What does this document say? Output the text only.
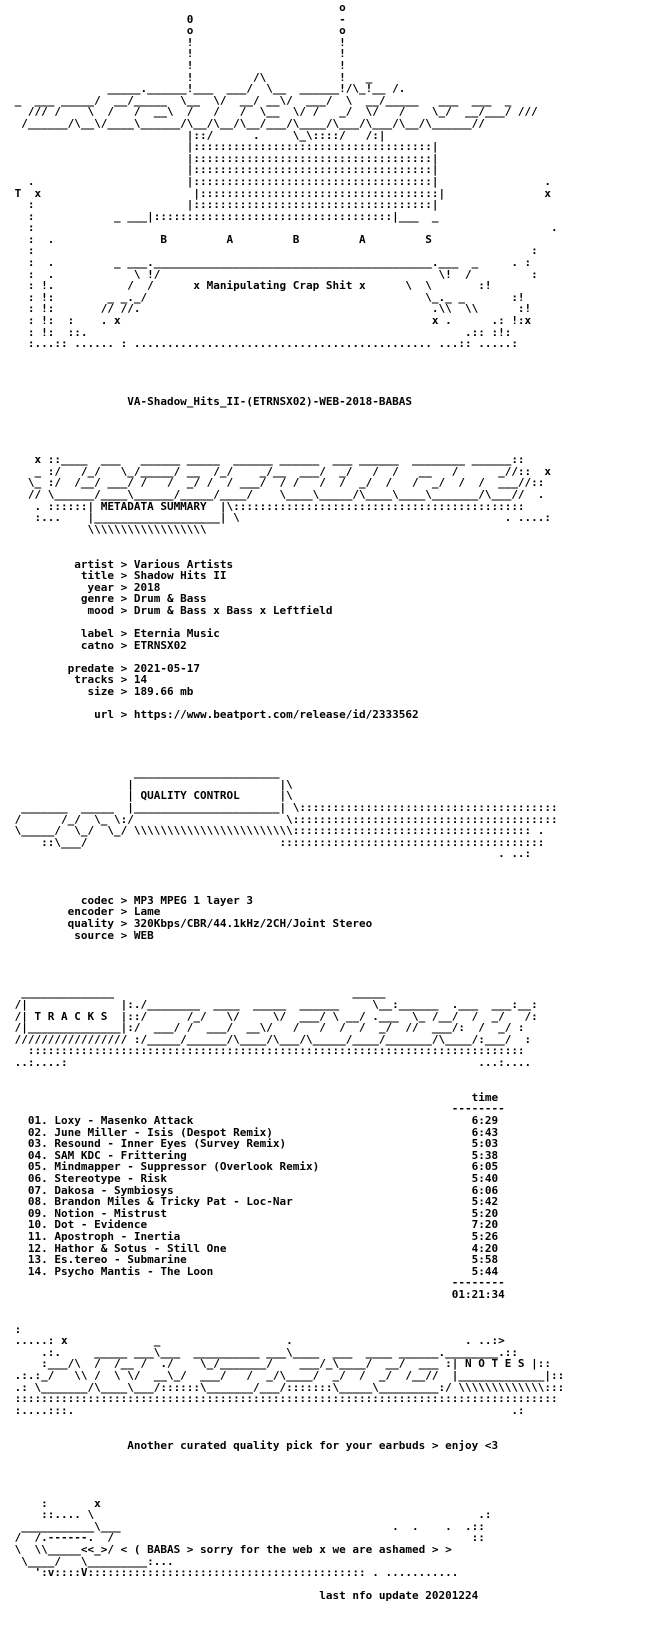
o
0                      -
o                      o
!                      !
!                      !
!                      !
!         /\           !   _
_____.______!___  ___/  \__  ______!/\_!__ /.
_  ___ _____/  __/_____  \__  \/  __/ __\/  ___/  \  __/_____   ___  ___  _
/// /    \  /   /  __\  /   /   /  \__  \/ /   _/  \/   /    \_/  __/___/ ///
/______/\__\/____\______/\__/\__/\__/___/\____/\___/\___/\__/\______//
|::/      .     \_\::::/   /:|
|::::::::::::::::::::::::::::::::::::|
|::::::::::::::::::::::::::::::::::::|
|::::::::::::::::::::::::::::::::::::|
.                       |::::::::::::::::::::::::::::::::::::|                .
T  x                       |::::::::::::::::::::::::::::::::::::|               x
:                       |::::::::::::::::::::::::::::::::::::|
:            _ ___|::::::::::::::::::::::::::::::::::::|___  _
:                                                                              .
:  .                B         A         B         A         S
:                                                                           :
:  .         _ ___.__________________________________________.___  _     . :
:  .            \ !/                                          \!  /         :
: !.           /  /      x Manipulating Crap Shit x      \  \       :!
: !:        _ _._/                                          \_._ _       :!
: !:       // //.                                            .\\  \\      :!
: !:  :    . x                                               x .      .: !:x
: !:  ::.                                                         .:: :!:
:...:: ...... : ............................................. ...:: .....:

VA-Shadow_Hits_II-(ETRNSX02)-WEB-2018-BABAS

x ::____  ___   ______ _____  ______ ______  ___ ______  ________ ______::
_ :/   /_/   \_/_____/ __  /_/    _/__  ___/  _/   /  /   __   /      _//::  x
\_ :/  /__/ ___/ /   /  _/ /  / ___/  / /   /  /  _/  /   /  _/  /  /  ___//::
// \______/____\______/_____/____/    \____\_____/\____\____\_______/\___//  .
. ::::::| METADATA SUMMARY  |\::::::::::::::::::::::::::::::::::::::::::::
:...    |___________________| \                                        . ....:
\\\\\\\\\\\\\\\\\\

artist > Various Artists
title > Shadow Hits II
year > 2018
genre > Drum & Bass
mood > Drum & Bass x Bass x Leftfield

label > Eternia Music
catno > ETRNSX02

predate > 2021-05-17
tracks > 14
size > 189.66 mb

url > https://www.beatport.com/release/id/2333562

______________________
|                      |\
| QUALITY CONTROL      |\
_______  _____  |______________________| \:::::::::::::::::::::::::::::::::::::::
/      /_/  \_ \:/                       \::::::::::::::::::::::::::::::::::::::::
\_____/  \_/  \_/ \\\\\\\\\\\\\\\\\\\\\\\\:::::::::::::::::::::::::::::::::::: .
::\___/                             ::::::::::::::::::::::::::::::::::::::::
. ..:

codec > MP3 MPEG 1 layer 3
encoder > Lame
quality > 320Kbps/CBR/44.1kHz/2CH/Joint Stereo
source > WEB

______________                                    _____
/|              |:./________  ____  _____  ______     \__:______  .___  ___:__:
/| T R A C K S  |::/      /_/   \/     \/  ___/ \ __/ .___  \_ /__/  /  _/   /:
/|______________|:/  ___/ /  ___/  __\/   /   /  /  /  _/  //  ___/:  /  _/ :
///////////////// :/_____/______/\____/\___/\_____/____/_______/\____/:___/  :
:::::::::::::::::::::::::::::::::::::::::::::::::::::::::::::::::::::::::::
..:....:                                                              ...:....

time
--------
01. Loxy - Masenko Attack                                          6:29
02. June Miller - Isis (Despot Remix)                              6:43
03. Resound - Inner Eyes (Survey Remix)                            5:03
04. SAM KDC - Frittering                                           5:38
05. Mindmapper - Suppressor (Overlook Remix)                       6:05
06. Stereotype - Risk                                              5:40
07. Dakosa - Symbiosys                                             6:06
08. Brandon Miles & Tricky Pat - Loc-Nar                           5:42
09. Notion - Mistrust                                              5:20
10. Dot - Evidence                                                 7:20
11. Apostroph - Inertia                                            5:26
12. Hathor & Sotus - Still One                                     4:20
13. Es.tereo - Submarine                                           5:58
14. Psycho Mantis - The Loon                                       5:44
--------
01:21:34

:
.....: x             _                   .                          . ..:>
.:.     _____ ___\___  __________ ___\____  ___  ____ ______.________.::
:___/\  /  /__ /  ./    \_/_______/    ___/_\____/  __/  ___ :| N O T E S |::
.:.:_/   \\ /  \ \/  __\_/  ___/   /  _/\____/  _/  /  _/  /__//  |_____________|::
.: \_______/\____\___/::::::\_______/___/:::::::\_____\_________:/ \\\\\\\\\\\\\:::
::::::::::::::::::::::::::::::::::::::::::::::::::::::::::::::::::::::::::::::::::
:....:::.                                                                  .:

Another curated quality pick for your earbuds > enjoy <3

:       x
::.... \                                                          .:
___________\___                                         .  .    .  .::
/  /.------.  /                                                      ::
\  \\_____<<_>/ < ( BABAS > sorry for the web x we are ashamed > >
\____/   \_________:...
':v::::V:::::::::::::::::::::::::::::::::::::::::: . ...........

last nfo update 20201224
